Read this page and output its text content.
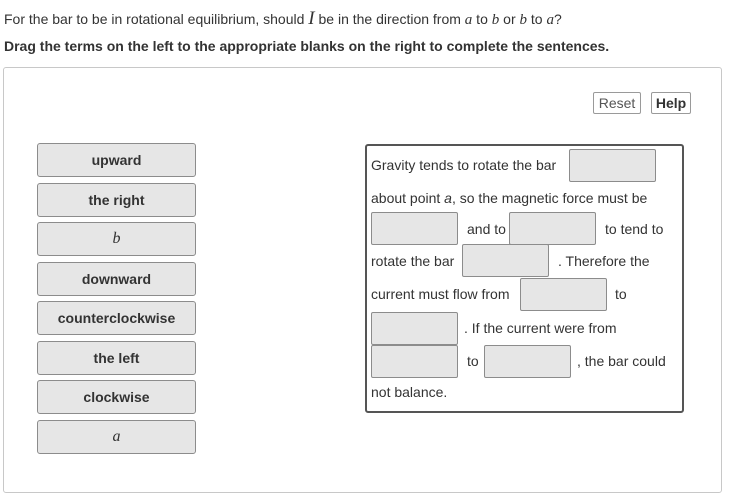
For the bar to be in rotational equilibrium, should I be in the direction from a to b or b to a?
Drag the terms on the left to the appropriate blanks on the right to complete the sentences.
Reset	Help
upward
the right
b
downward
counterclockwise
the left
clockwise
a
Gravity tends to rotate the bar
about point a, so the magnetic force must be
and to	to tend to
rotate the bar	. Therefore the
current must flow from	to
. If the current were from
to	, the bar could
not balance.
